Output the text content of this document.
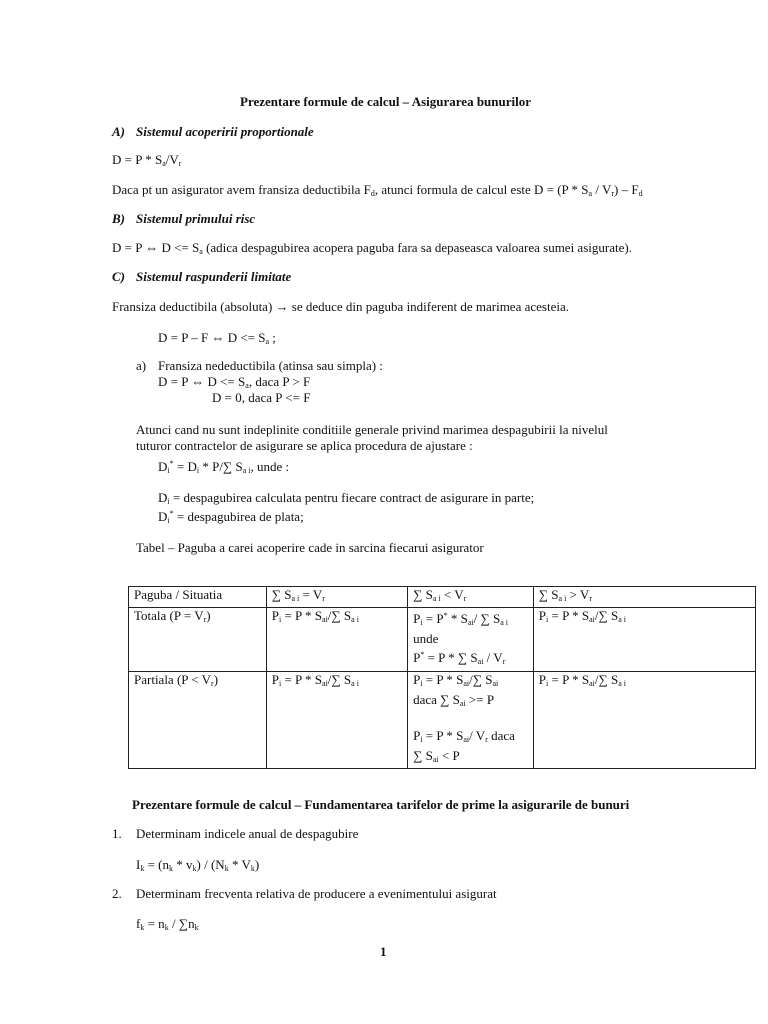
Prezentare formule de calcul – Asigurarea bunurilor
A) Sistemul acoperirii proportionale
$D = P * S_a/V_r$
Daca pt un asigurator avem fransiza deductibila $F_d$, atunci formula de calcul este $D = (P * S_a / V_r) - F_d$
B) Sistemul primului risc
D = P ⇔ $D <= S_a$ (adica despagubirea acopera paguba fara sa depaseasca valoarea sumei asigurate).
C) Sistemul raspunderii limitate
Fransiza deductibila (absoluta) → se deduce din paguba indiferent de marimea acesteia.
D = P – F ⇔ $D <= S_a$ ;
a) Fransiza nedeductibila (atinsa sau simpla) :
D = P ⇔ $D <= S_a$, daca P > F
D = 0, daca P <= F
Atunci cand nu sunt indeplinite conditiile generale privind marimea despagubirii la nivelul
tuturor contractelor de asigurare se aplica procedura de ajustare :
$D_i^* = D_i * P/\sum$ $S_{a i}$, unde :
$D_i$ = despagubirea calculata pentru fiecare contract de asigurare in parte;
$D_i^*$ = despagubirea de plata;
Tabel – Paguba a carei acoperire cade in sarcina fiecarui asigurator
Paguba / Situatia	∑ $S_{a i} = V_r$	∑ $S_{a i} < V_r$	∑ $S_{a i} > V_r$
Totala $(P = V_r)$	$P_i = P * S_{ai}/\sum$ $S_{a i}$	$P_i = P^* * S_{ai}/$ ∑ $S_{a i}$
unde
P* = P * ∑ $S_{ai} / V_r$	$P_i = P * S_{ai}/\sum$ $S_{a i}$
Partiala $(P < V_r)$	$P_i = P * S_{ai}/\sum$ $S_{a i}$	$P_i = P * S_{ai}/\sum$ $S_{ai}$
daca ∑ $S_{ai} >= P$

$P_i = P * S_{ai}/$ $V_r$ daca
∑ $S_{ai} < P$	$P_i = P * S_{ai}/\sum$ $S_{a i}$
Prezentare formule de calcul – Fundamentarea tarifelor de prime la asigurarile de bunuri
1. Determinam indicele anual de despagubire
$I_k = (n_k * v_k) / (N_k * V_k)$
2. Determinam frecventa relativa de producere a evenimentului asigurat
$f_k = n_k / \sum n_k$
1
